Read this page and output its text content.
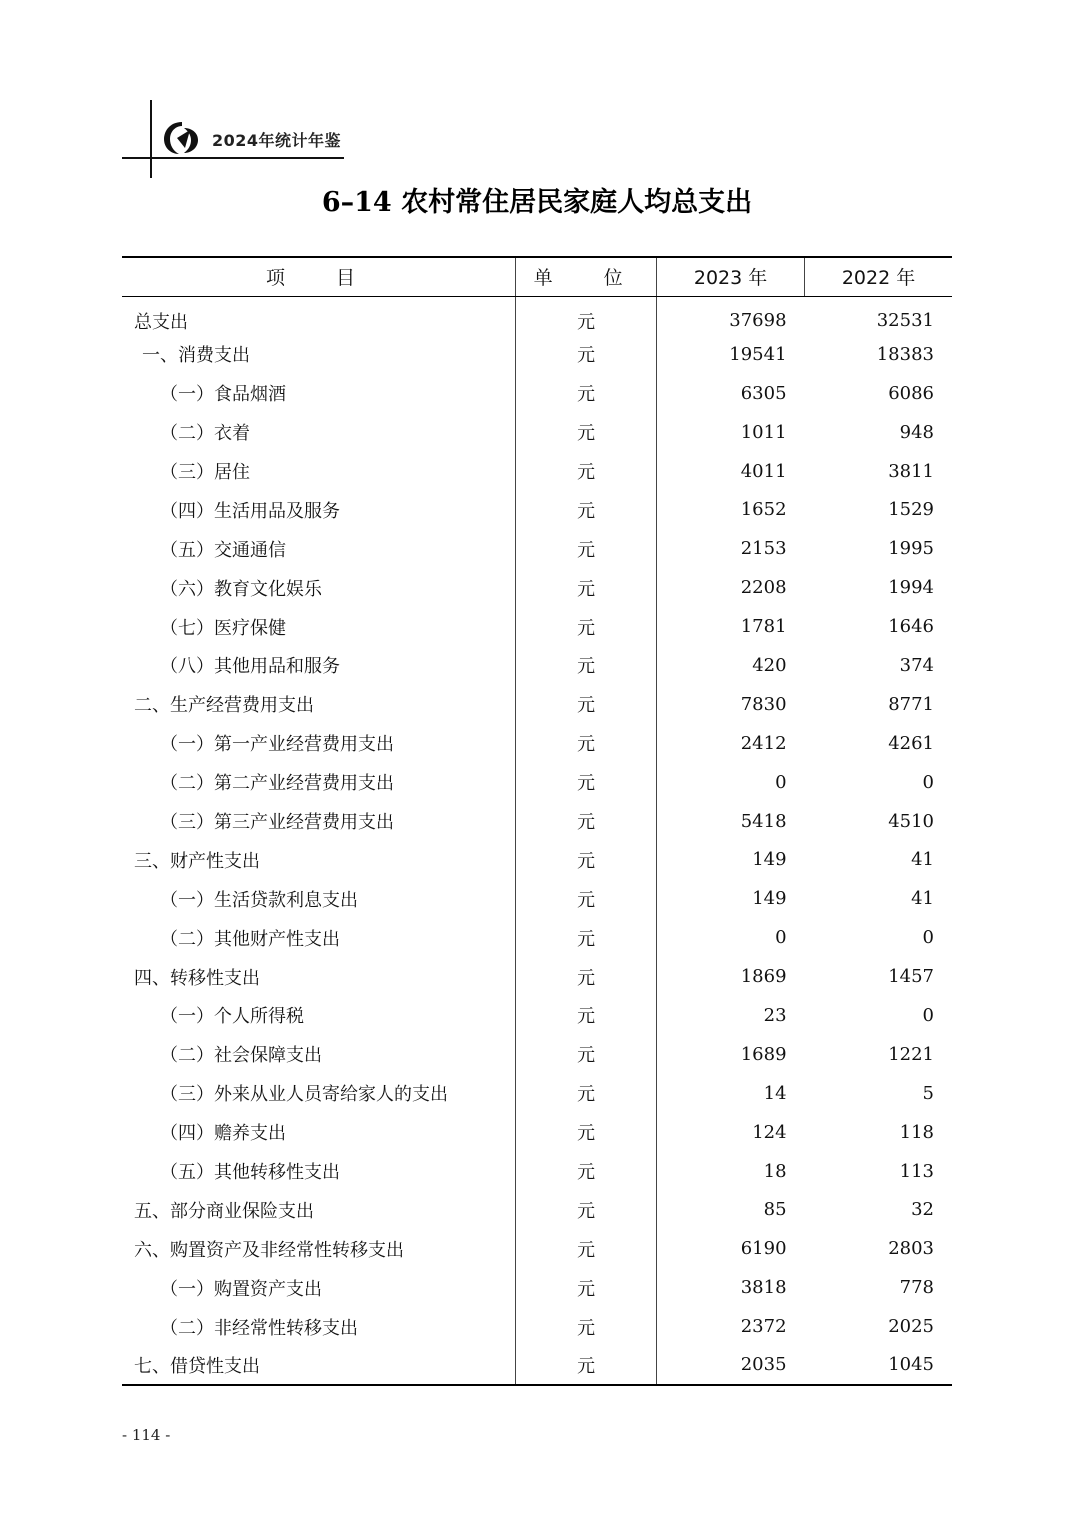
2024年统计年鉴
6–14 农村常住居民家庭人均总支出
项　目	单　位	2023 年	2022 年
总支出	元	37698	32531
一、消费支出	元	19541	18383
（一）食品烟酒	元	6305	6086
（二）衣着	元	1011	948
（三）居住	元	4011	3811
（四）生活用品及服务	元	1652	1529
（五）交通通信	元	2153	1995
（六）教育文化娱乐	元	2208	1994
（七）医疗保健	元	1781	1646
（八）其他用品和服务	元	420	374
二、生产经营费用支出	元	7830	8771
（一）第一产业经营费用支出	元	2412	4261
（二）第二产业经营费用支出	元	0	0
（三）第三产业经营费用支出	元	5418	4510
三、财产性支出	元	149	41
（一）生活贷款利息支出	元	149	41
（二）其他财产性支出	元	0	0
四、转移性支出	元	1869	1457
（一）个人所得税	元	23	0
（二）社会保障支出	元	1689	1221
（三）外来从业人员寄给家人的支出	元	14	5
（四）赡养支出	元	124	118
（五）其他转移性支出	元	18	113
五、部分商业保险支出	元	85	32
六、购置资产及非经常性转移支出	元	6190	2803
（一）购置资产支出	元	3818	778
（二）非经常性转移支出	元	2372	2025
七、借贷性支出	元	2035	1045
- 114 -
